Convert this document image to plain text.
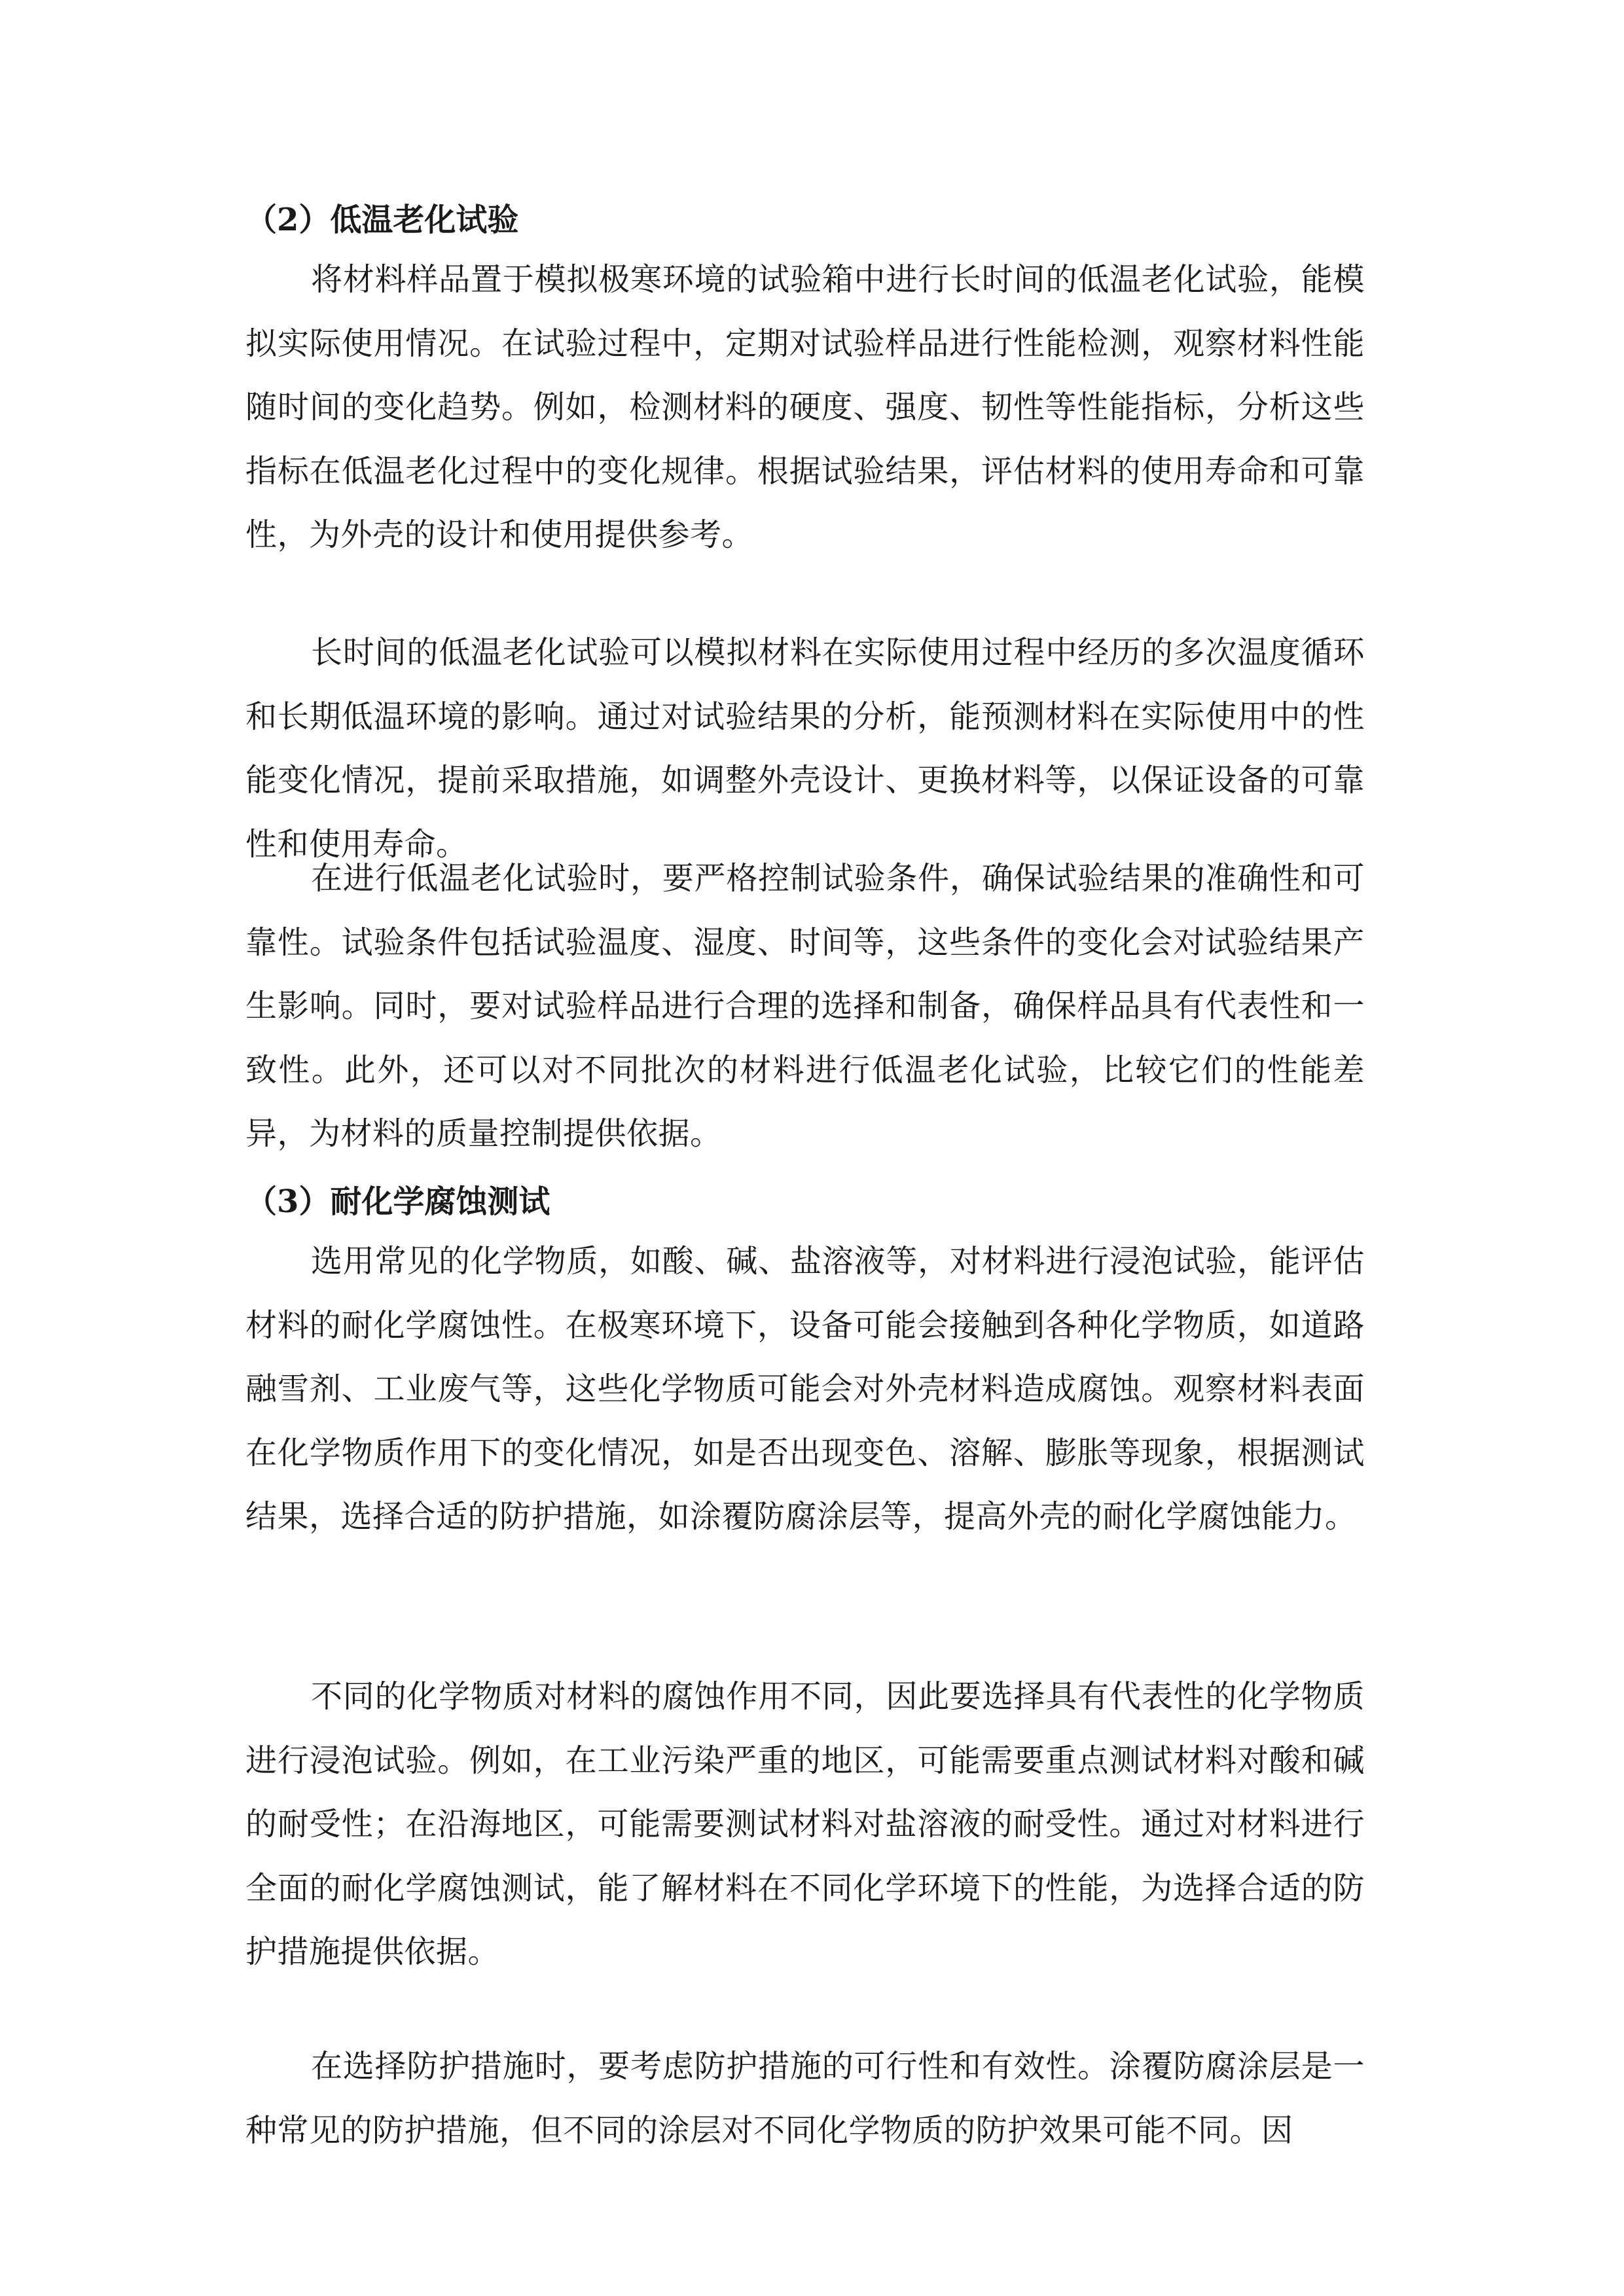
（2）低温老化试验

将材料样品置于模拟极寒环境的试验箱中进行长时间的低温老化试验，能模拟实际使用情况。在试验过程中，定期对试验样品进行性能检测，观察材料性能随时间的变化趋势。例如，检测材料的硬度、强度、韧性等性能指标，分析这些指标在低温老化过程中的变化规律。根据试验结果，评估材料的使用寿命和可靠性，为外壳的设计和使用提供参考。

长时间的低温老化试验可以模拟材料在实际使用过程中经历的多次温度循环和长期低温环境的影响。通过对试验结果的分析，能预测材料在实际使用中的性能变化情况，提前采取措施，如调整外壳设计、更换材料等，以保证设备的可靠性和使用寿命。

在进行低温老化试验时，要严格控制试验条件，确保试验结果的准确性和可靠性。试验条件包括试验温度、湿度、时间等，这些条件的变化会对试验结果产生影响。同时，要对试验样品进行合理的选择和制备，确保样品具有代表性和一致性。此外，还可以对不同批次的材料进行低温老化试验，比较它们的性能差异，为材料的质量控制提供依据。

（3）耐化学腐蚀测试

选用常见的化学物质，如酸、碱、盐溶液等，对材料进行浸泡试验，能评估材料的耐化学腐蚀性。在极寒环境下，设备可能会接触到各种化学物质，如道路融雪剂、工业废气等，这些化学物质可能会对外壳材料造成腐蚀。观察材料表面在化学物质作用下的变化情况，如是否出现变色、溶解、膨胀等现象，根据测试结果，选择合适的防护措施，如涂覆防腐涂层等，提高外壳的耐化学腐蚀能力。

不同的化学物质对材料的腐蚀作用不同，因此要选择具有代表性的化学物质进行浸泡试验。例如，在工业污染严重的地区，可能需要重点测试材料对酸和碱的耐受性；在沿海地区，可能需要测试材料对盐溶液的耐受性。通过对材料进行全面的耐化学腐蚀测试，能了解材料在不同化学环境下的性能，为选择合适的防护措施提供依据。

在选择防护措施时，要考虑防护措施的可行性和有效性。涂覆防腐涂层是一种常见的防护措施，但不同的涂层对不同化学物质的防护效果可能不同。因
